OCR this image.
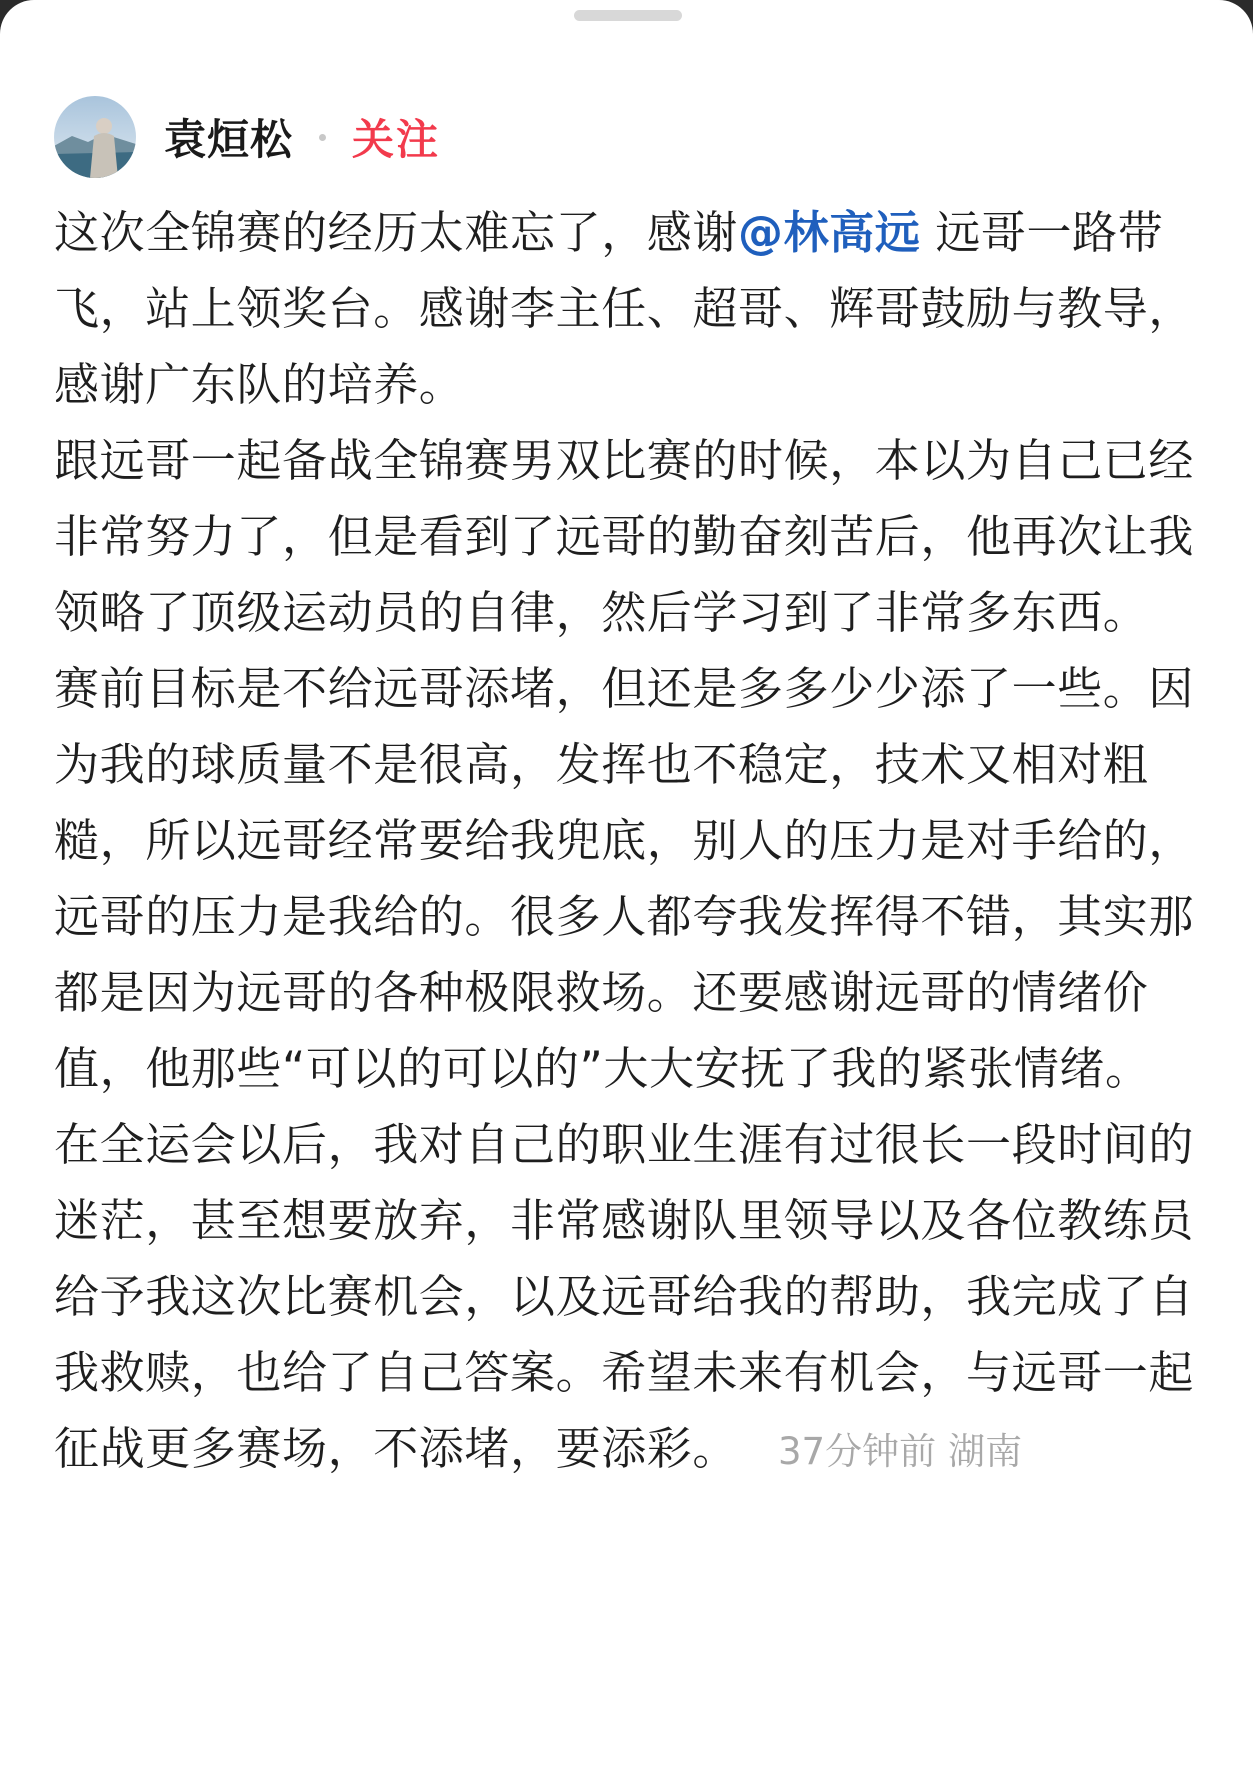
袁烜松 关注

这次全锦赛的经历太难忘了，感谢@林高远 远哥一路带飞，站上领奖台。感谢李主任、超哥、辉哥鼓励与教导，感谢广东队的培养。

跟远哥一起备战全锦赛男双比赛的时候，本以为自己已经非常努力了，但是看到了远哥的勤奋刻苦后，他再次让我领略了顶级运动员的自律，然后学习到了非常多东西。

赛前目标是不给远哥添堵，但还是多多少少添了一些。因为我的球质量不是很高，发挥也不稳定，技术又相对粗糙，所以远哥经常要给我兜底，别人的压力是对手给的，远哥的压力是我给的。很多人都夸我发挥得不错，其实那都是因为远哥的各种极限救场。还要感谢远哥的情绪价值，他那些“可以的可以的”大大安抚了我的紧张情绪。

在全运会以后，我对自己的职业生涯有过很长一段时间的迷茫，甚至想要放弃，非常感谢队里领导以及各位教练员给予我这次比赛机会，以及远哥给我的帮助，我完成了自我救赎，也给了自己答案。希望未来有机会，与远哥一起征战更多赛场，不添堵，要添彩。 37分钟前 湖南
